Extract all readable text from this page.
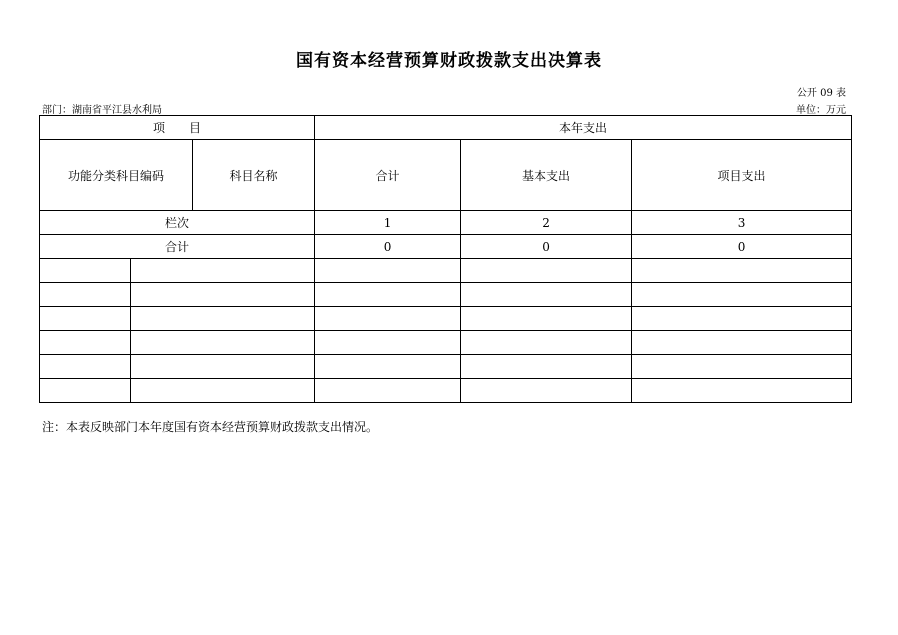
国有资本经营预算财政拨款支出决算表
公开 09 表
部门：湖南省平江县水利局	单位：万元
项　　目			本年支出		
功能分类科目编码		科目名称	合计	基本支出	项目支出
栏次			1	2	3
合计			0	0	0

注：本表反映部门本年度国有资本经营预算财政拨款支出情况。
